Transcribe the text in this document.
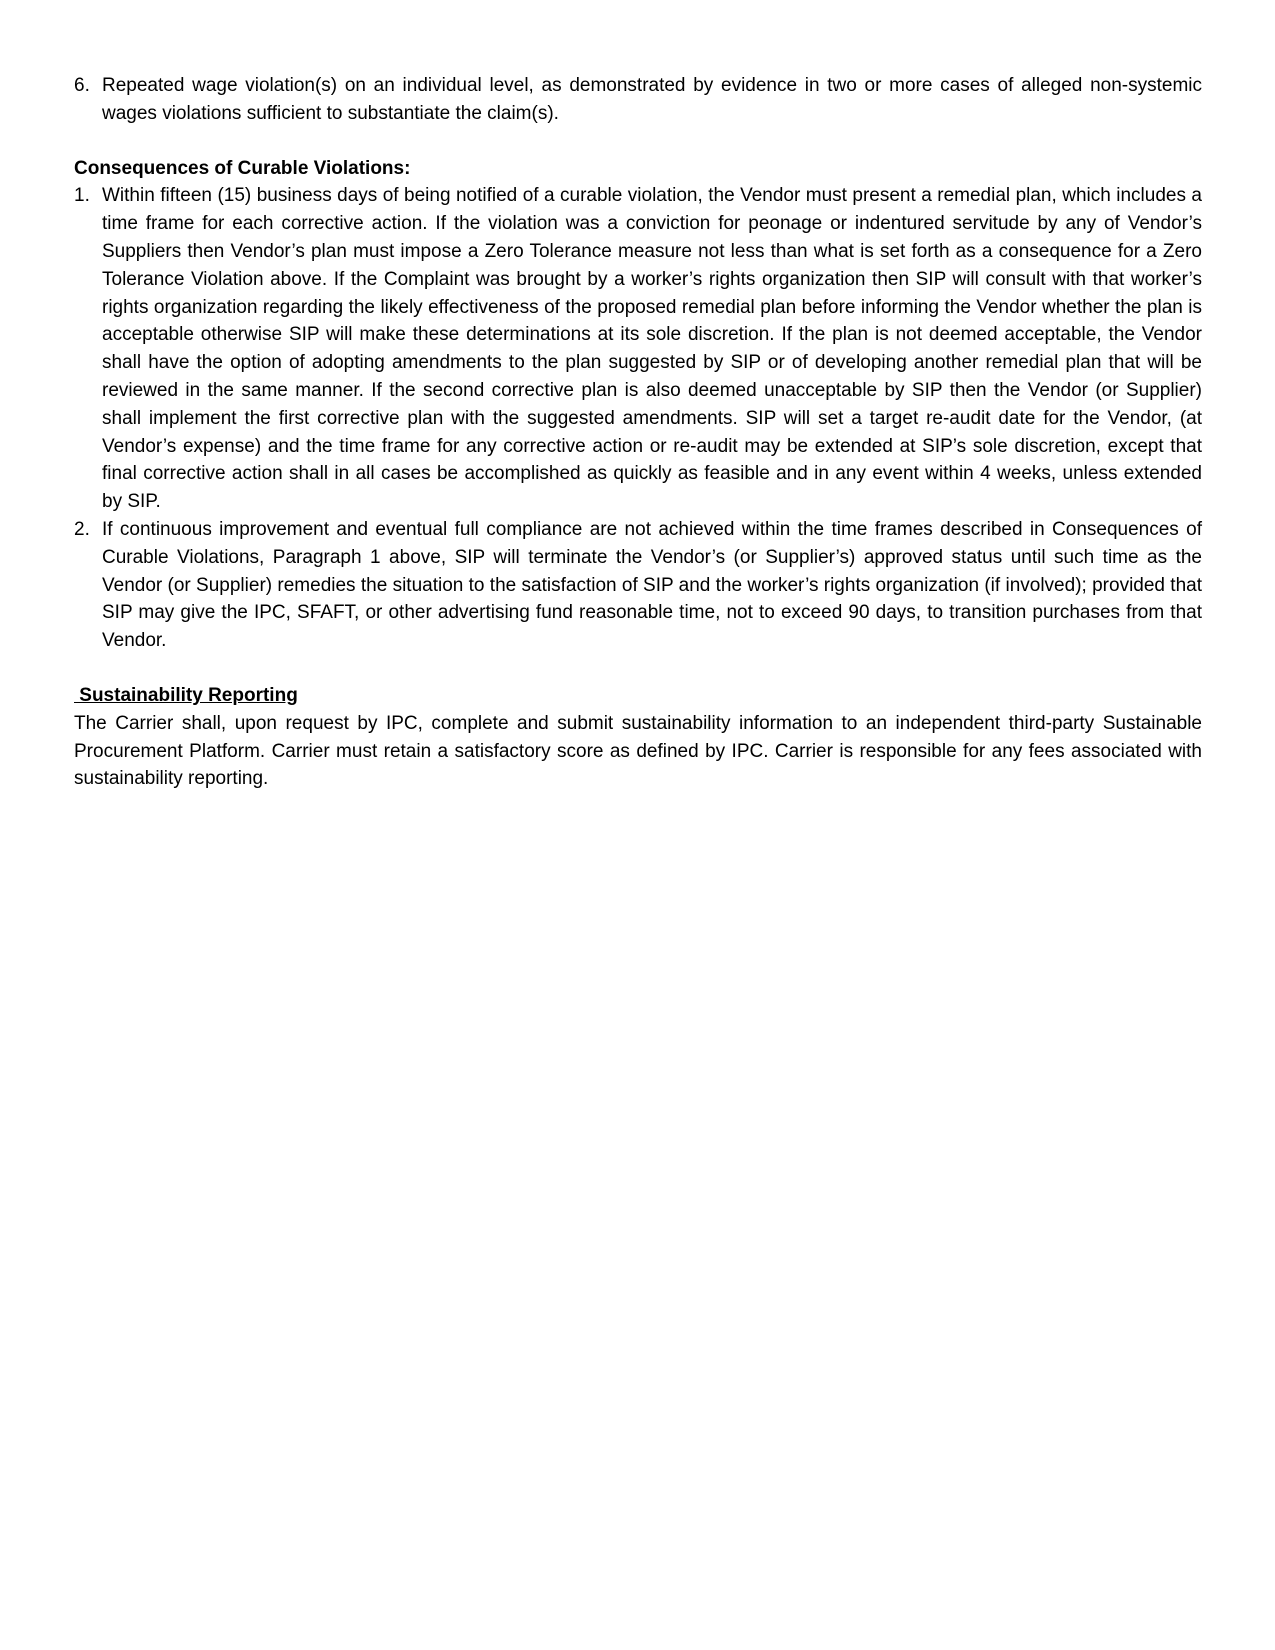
6. Repeated wage violation(s) on an individual level, as demonstrated by evidence in two or more cases of alleged non-systemic wages violations sufficient to substantiate the claim(s).
Consequences of Curable Violations:
1. Within fifteen (15) business days of being notified of a curable violation, the Vendor must present a remedial plan, which includes a time frame for each corrective action. If the violation was a conviction for peonage or indentured servitude by any of Vendor’s Suppliers then Vendor’s plan must impose a Zero Tolerance measure not less than what is set forth as a consequence for a Zero Tolerance Violation above. If the Complaint was brought by a worker’s rights organization then SIP will consult with that worker’s rights organization regarding the likely effectiveness of the proposed remedial plan before informing the Vendor whether the plan is acceptable otherwise SIP will make these determinations at its sole discretion. If the plan is not deemed acceptable, the Vendor shall have the option of adopting amendments to the plan suggested by SIP or of developing another remedial plan that will be reviewed in the same manner. If the second corrective plan is also deemed unacceptable by SIP then the Vendor (or Supplier) shall implement the first corrective plan with the suggested amendments. SIP will set a target re-audit date for the Vendor, (at Vendor’s expense) and the time frame for any corrective action or re-audit may be extended at SIP’s sole discretion, except that final corrective action shall in all cases be accomplished as quickly as feasible and in any event within 4 weeks, unless extended by SIP.
2. If continuous improvement and eventual full compliance are not achieved within the time frames described in Consequences of Curable Violations, Paragraph 1 above, SIP will terminate the Vendor’s (or Supplier’s) approved status until such time as the Vendor (or Supplier) remedies the situation to the satisfaction of SIP and the worker’s rights organization (if involved); provided that SIP may give the IPC, SFAFT, or other advertising fund reasonable time, not to exceed 90 days, to transition purchases from that Vendor.
Sustainability Reporting
The Carrier shall, upon request by IPC, complete and submit sustainability information to an independent third-party Sustainable Procurement Platform. Carrier must retain a satisfactory score as defined by IPC. Carrier is responsible for any fees associated with sustainability reporting.
